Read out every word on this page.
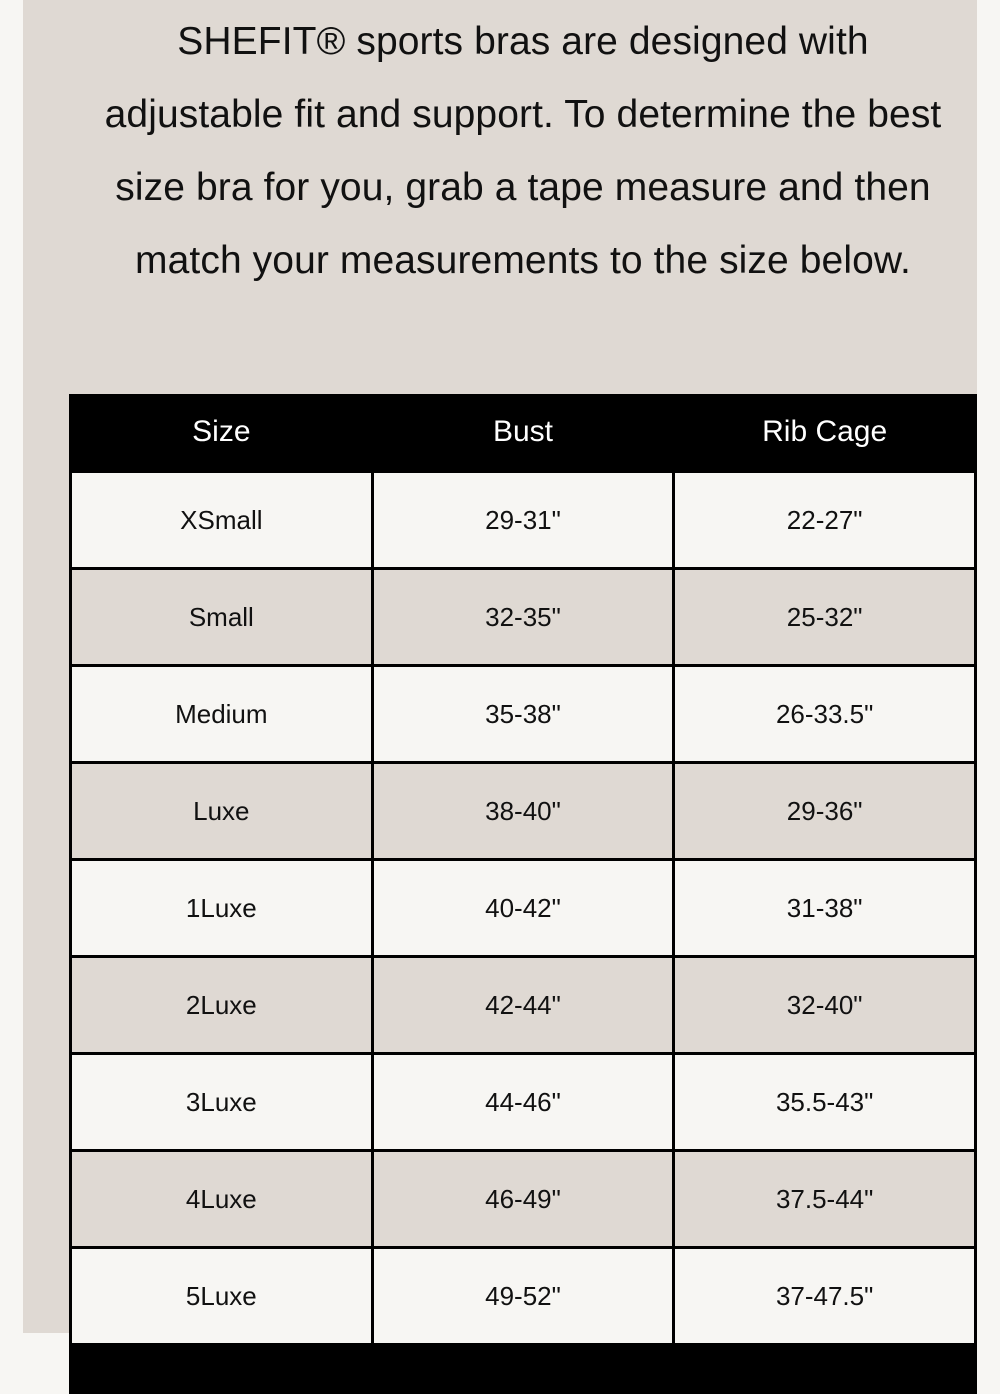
SHEFIT® sports bras are designed with adjustable fit and support. To determine the best size bra for you, grab a tape measure and then match your measurements to the size below.

Size	Bust	Rib Cage
XSmall	29-31"	22-27"
Small	32-35"	25-32"
Medium	35-38"	26-33.5"
Luxe	38-40"	29-36"
1Luxe	40-42"	31-38"
2Luxe	42-44"	32-40"
3Luxe	44-46"	35.5-43"
4Luxe	46-49"	37.5-44"
5Luxe	49-52"	37-47.5"
